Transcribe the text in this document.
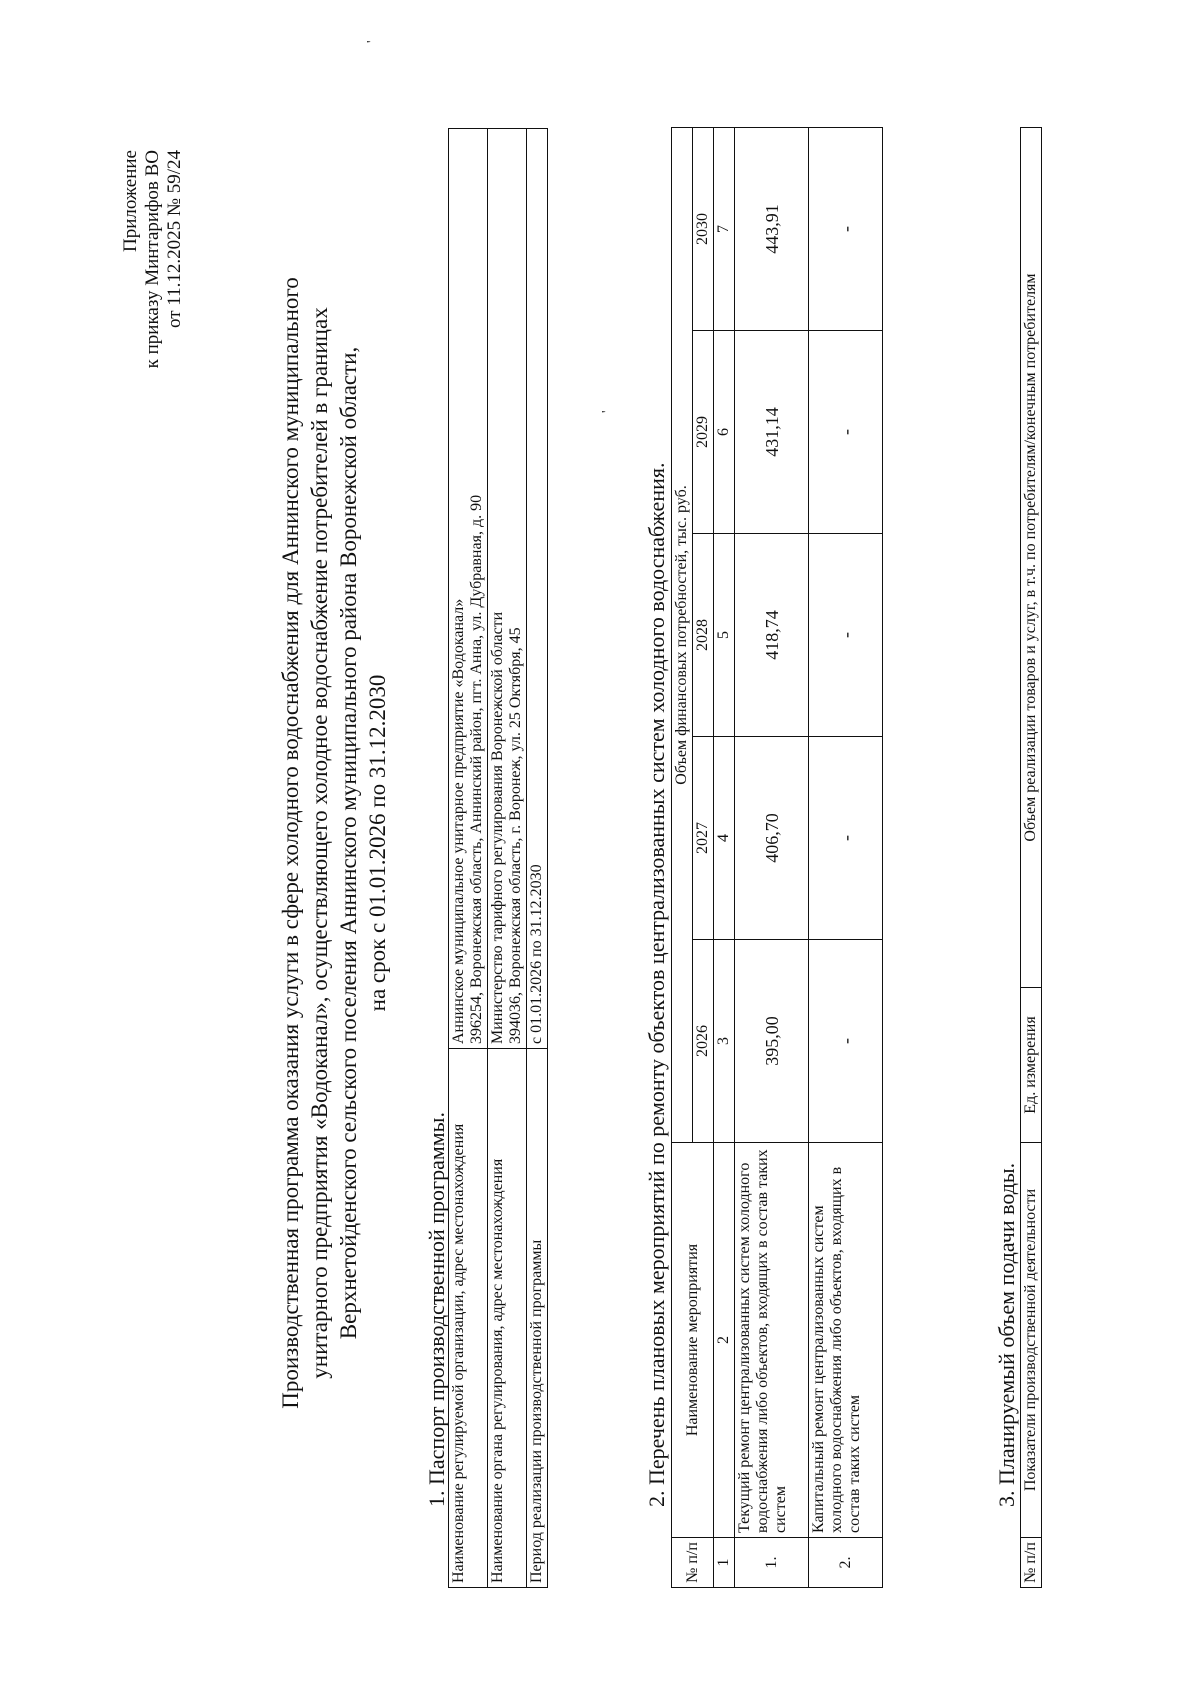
'
'
Приложение к приказу Минтарифов ВО от 11.12.2025 № 59/24
Производственная программа оказания услуги в сфере холодного водоснабжения для Аннинского муниципального унитарного предприятия «Водоканал», осуществляющего холодное водоснабжение потребителей в границах Верхнетойденского сельского поселения Аннинского муниципального района Воронежской области, на срок с 01.01.2026 по 31.12.2030
1. Паспорт производственной программы. Наименование регулируемой организации, адрес местонахождения	Аннинское муниципальное унитарное предприятие «Водоканал» 396254, Воронежская область, Аннинский район, пгт. Анна, ул. Дубравная, д. 90

Наименование органа регулирования, адрес местонахождения	Министерство тарифного регулирования Воронежской области 394036, Воронежская область, г. Воронеж, ул. 25 Октября, 45

Период реализации производственной программы	с 01.01.2026 по 31.12.2030	2. Перечень плановых мероприятий по ремонту объектов централизованных систем холодного водоснабжения.
№ п/п	Наименование мероприятия	Объем финансовых потребностей, тыс. руб.				
		2026	2027	2028	2029	2030
1	2	3	4	5	6	7
1.	Текущий ремонт централизованных систем холодного водоснабжения либо объектов, входящих в состав таких систем	395,00	406,70	418,74	431,14	443,91
2.	Капитальный ремонт централизованных систем холодного водоснабжения либо объектов, входящих в состав таких систем	-	-	-	-	-
3. Планируемый объем подачи воды.
№ п/п	Показатели производственной деятельности	Ед. измерения	Объем реализации товаров и услуг, в т.ч. по потребителям/конечным потребителям
